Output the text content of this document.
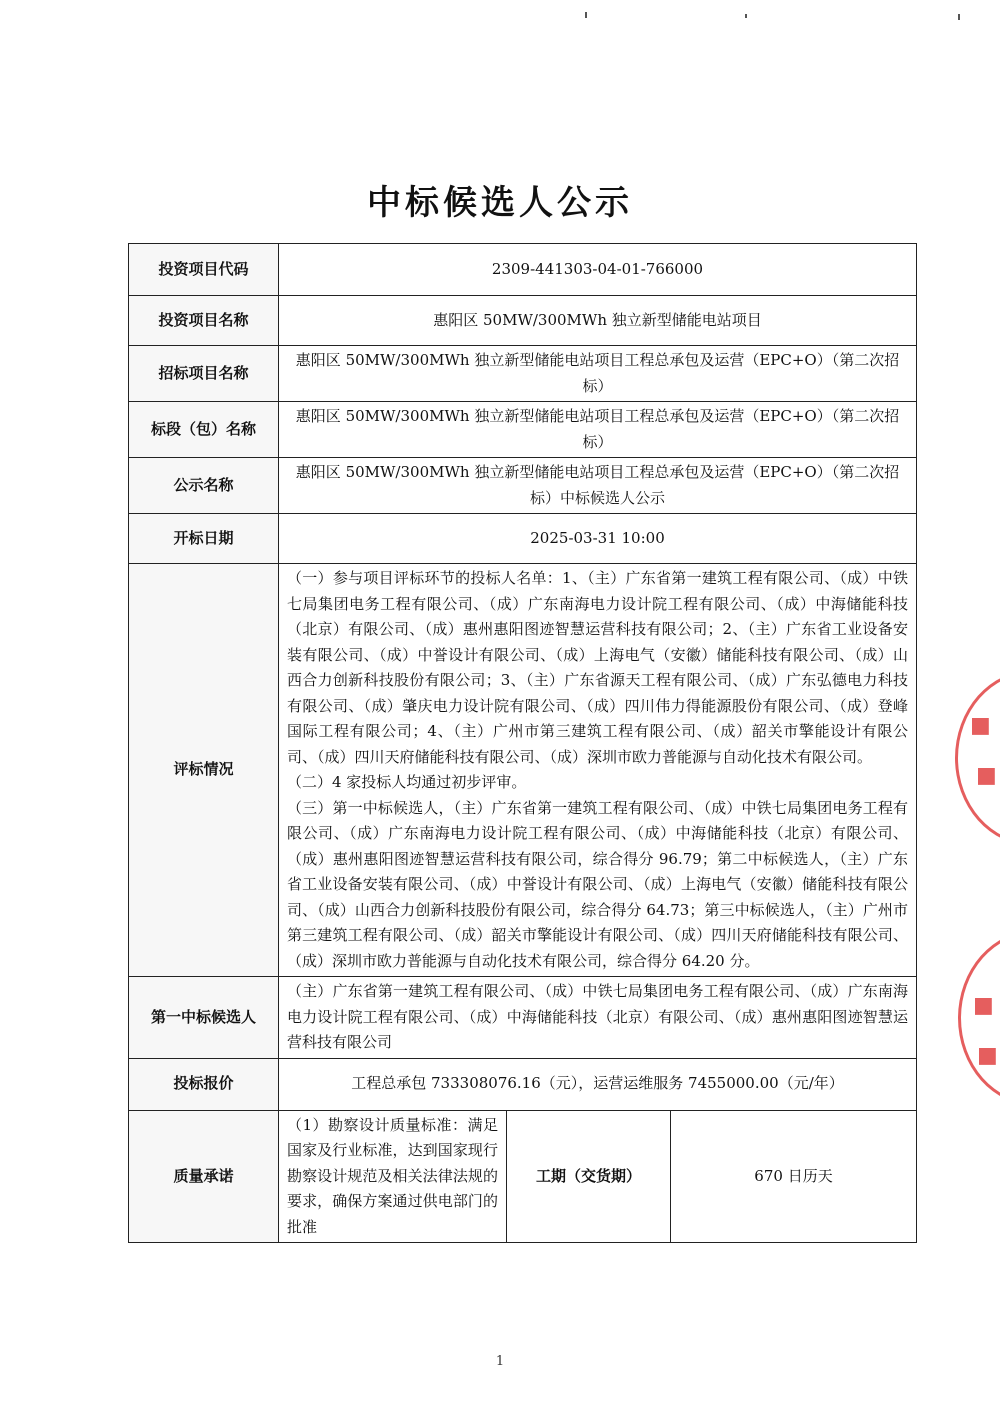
中标候选人公示
投资项目代码	2309-441303-04-01-766000		
投资项目名称	惠阳区 50MW/300MWh 独立新型储能电站项目		
招标项目名称	惠阳区 50MW/300MWh 独立新型储能电站项目工程总承包及运营（EPC+O）（第二次招标）		
标段（包）名称	惠阳区 50MW/300MWh 独立新型储能电站项目工程总承包及运营（EPC+O）（第二次招标）		
公示名称	惠阳区 50MW/300MWh 独立新型储能电站项目工程总承包及运营（EPC+O）（第二次招标）中标候选人公示		
开标日期	2025-03-31 10:00		
评标情况	（一）参与项目评标环节的投标人名单：1、（主）广东省第一建筑工程有限公司、（成）中铁七局集团电务工程有限公司、（成）广东南海电力设计院工程有限公司、（成）中海储能科技（北京）有限公司、（成）惠州惠阳图迹智慧运营科技有限公司；2、（主）广东省工业设备安装有限公司、（成）中誉设计有限公司、（成）上海电气（安徽）储能科技有限公司、（成）山西合力创新科技股份有限公司；3、（主）广东省源天工程有限公司、（成）广东弘德电力科技有限公司、（成）肇庆电力设计院有限公司、（成）四川伟力得能源股份有限公司、（成）登峰国际工程有限公司；4、（主）广州市第三建筑工程有限公司、（成）韶关市擎能设计有限公司、（成）四川天府储能科技有限公司、（成）深圳市欧力普能源与自动化技术有限公司。
（二）4 家投标人均通过初步评审。
（三）第一中标候选人，（主）广东省第一建筑工程有限公司、（成）中铁七局集团电务工程有限公司、（成）广东南海电力设计院工程有限公司、（成）中海储能科技（北京）有限公司、（成）惠州惠阳图迹智慧运营科技有限公司，综合得分 96.79；第二中标候选人，（主）广东省工业设备安装有限公司、（成）中誉设计有限公司、（成）上海电气（安徽）储能科技有限公司、（成）山西合力创新科技股份有限公司，综合得分 64.73；第三中标候选人，（主）广州市第三建筑工程有限公司、（成）韶关市擎能设计有限公司、（成）四川天府储能科技有限公司、（成）深圳市欧力普能源与自动化技术有限公司，综合得分 64.20 分。		

第一中标候选人	（主）广东省第一建筑工程有限公司、（成）中铁七局集团电务工程有限公司、（成）广东南海电力设计院工程有限公司、（成）中海储能科技（北京）有限公司、（成）惠州惠阳图迹智慧运营科技有限公司		
投标报价	工程总承包 733308076.16（元），运营运维服务 7455000.00（元/年）		
质量承诺	（1）勘察设计质量标准：满足国家及行业标准，达到国家现行勘察设计规范及相关法律法规的要求，确保方案通过供电部门的批准	工期（交货期）	670 日历天
■
■
■
■
1
